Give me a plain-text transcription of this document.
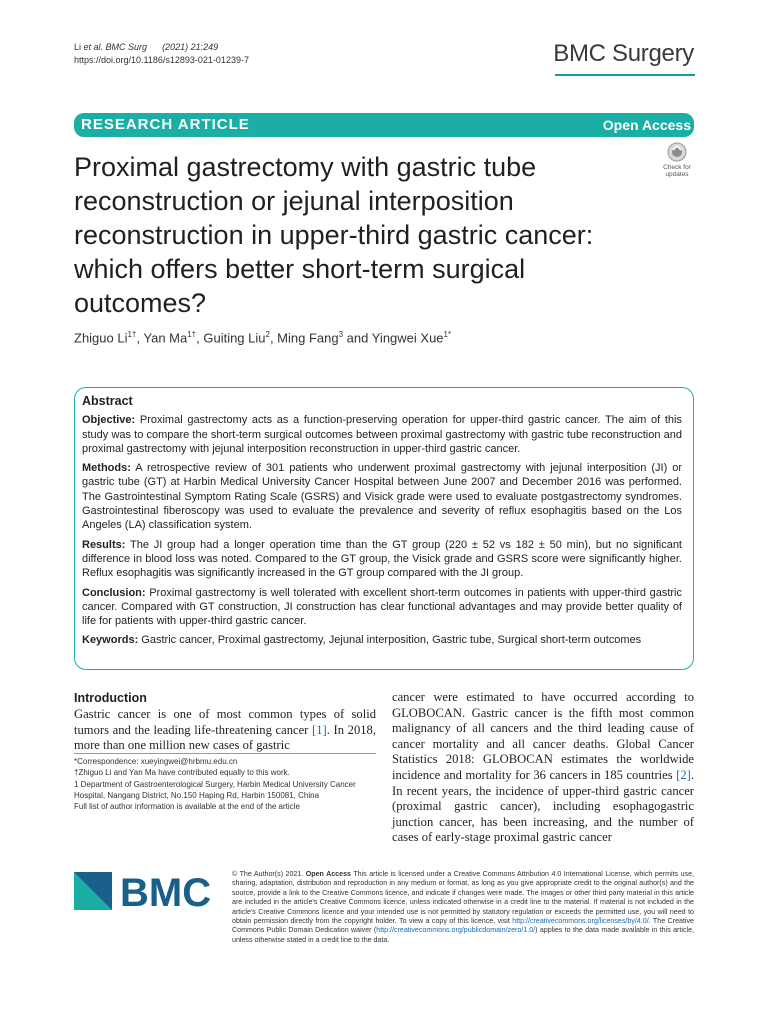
Li et al. BMC Surg (2021) 21:249
https://doi.org/10.1186/s12893-021-01239-7	BMC Surgery
RESEARCH ARTICLE	Open Access
Check for
updates
Proximal gastrectomy with gastric tube reconstruction or jejunal interposition reconstruction in upper-third gastric cancer: which offers better short-term surgical outcomes?
Zhiguo $Li^{1\dagger}$, Yan $Ma^{1\dagger}$, Guiting Liu$^2$, Ming Fang$^3$ and Yingwei Xue$^{1*}$
Abstract

Objective: Proximal gastrectomy acts as a function-preserving operation for upper-third gastric cancer. The aim of this study was to compare the short-term surgical outcomes between proximal gastrectomy with gastric tube reconstruction and proximal gastrectomy with jejunal interposition reconstruction in upper-third gastric cancer.

Methods: A retrospective review of 301 patients who underwent proximal gastrectomy with jejunal interposition (JI) or gastric tube (GT) at Harbin Medical University Cancer Hospital between June 2007 and December 2016 was performed. The Gastrointestinal Symptom Rating Scale (GSRS) and Visick grade were used to evaluate postgastrectomy syndromes. Gastrointestinal fiberoscopy was used to evaluate the prevalence and severity of reflux esophagitis based on the Los Angeles (LA) classification system.

Results: The JI group had a longer operation time than the GT group (220 ± 52 vs 182 ± 50 min), but no significant difference in blood loss was noted. Compared to the GT group, the Visick grade and GSRS score were significantly higher. Reflux esophagitis was significantly increased in the GT group compared with the JI group.

Conclusion: Proximal gastrectomy is well tolerated with excellent short-term outcomes in patients with upper-third gastric cancer. Compared with GT construction, JI construction has clear functional advantages and may provide better quality of life for patients with upper-third gastric cancer.

Keywords: Gastric cancer, Proximal gastrectomy, Jejunal interposition, Gastric tube, Surgical short-term outcomes

Introduction

Gastric cancer is one of most common types of solid tumors and the leading life-threatening cancer [1]. In 2018, more than one million new cases of gastric

cancer were estimated to have occurred according to GLOBOCAN. Gastric cancer is the fifth most common malignancy of all cancers and the third leading cause of cancer mortality and all cancer deaths. Global Cancer Statistics 2018: GLOBOCAN estimates the worldwide incidence and mortality for 36 cancers in 185 countries [2]. In recent years, the incidence of upper-third gastric cancer (proximal gastric cancer), including esophagogastric junction cancer, has been increasing, and the number of cases of early-stage proximal gastric cancer

*Correspondence: xueyingwei@hrbmu.edu.cn

†Zhiguo Li and Yan Ma have contributed equally to this work.

1 Department of Gastroenterological Surgery, Harbin Medical University Cancer Hospital, Nangang District, No.150 Haping Rd, Harbin 150081, China

Full list of author information is available at the end of the article

BMC	© The Author(s) 2021. Open Access This article is licensed under a Creative Commons Attribution 4.0 International License, which permits use, sharing, adaptation, distribution and reproduction in any medium or format, as long as you give appropriate credit to the original author(s) and the source, provide a link to the Creative Commons licence, and indicate if changes were made. The images or other third party material in this article are included in the article's Creative Commons licence, unless indicated otherwise in a credit line to the material. If material is not included in the article's Creative Commons licence and your intended use is not permitted by statutory regulation or exceeds the permitted use, you will need to obtain permission directly from the copyright holder. To view a copy of this licence, visit http://creativecommons.org/licenses/by/4.0/. The Creative Commons Public Domain Dedication waiver (http://creativecommons.org/publicdomain/zero/1.0/) applies to the data made available in this article, unless otherwise stated in a credit line to the data.
